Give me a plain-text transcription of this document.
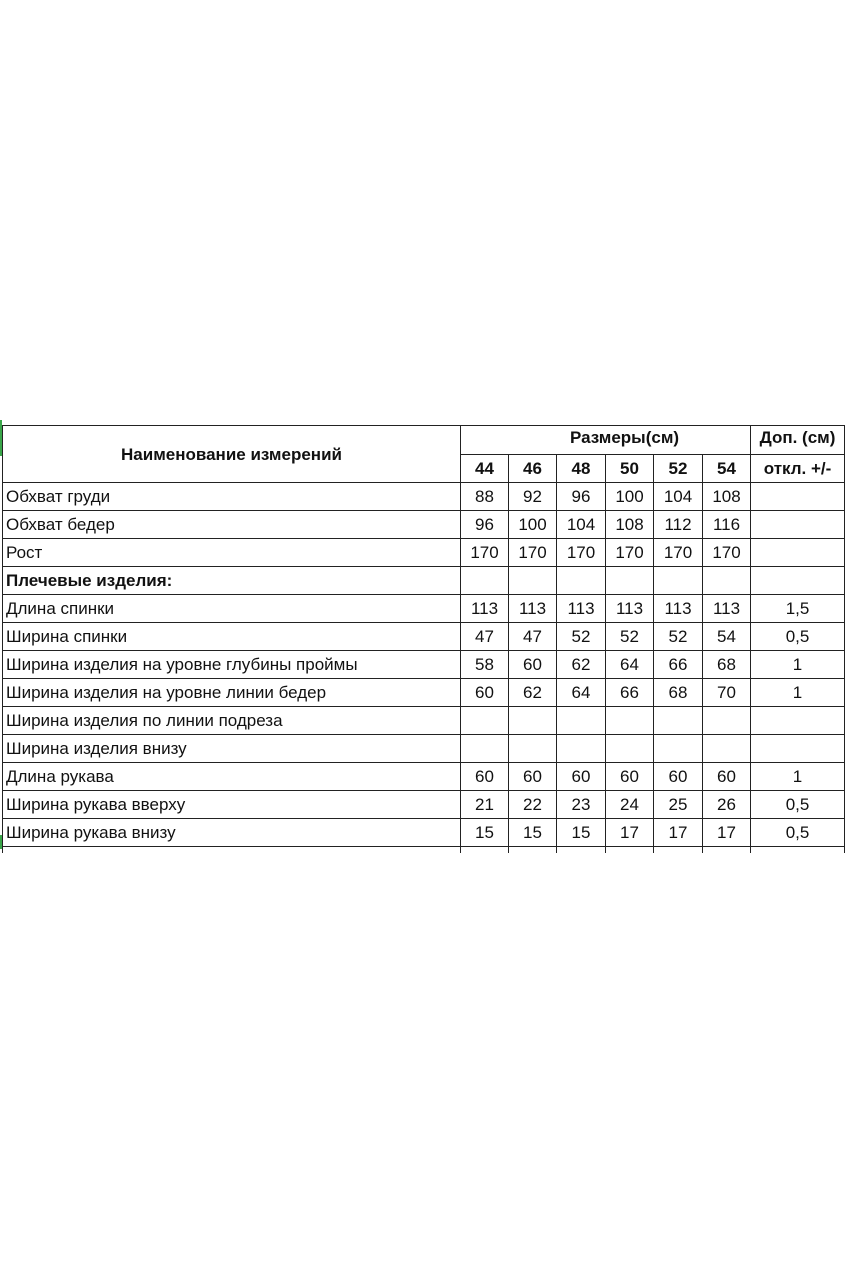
Наименование измерений	Размеры(см)						Доп. (см)
	44	46	48	50	52	54	откл. +/-
Обхват груди	88	92	96	100	104	108	
Обхват бедер	96	100	104	108	112	116	
Рост	170	170	170	170	170	170	
Плечевые изделия:							
Длина спинки	113	113	113	113	113	113	1,5
Ширина спинки	47	47	52	52	52	54	0,5
Ширина изделия на уровне глубины проймы	58	60	62	64	66	68	1
Ширина изделия на уровне линии бедер	60	62	64	66	68	70	1
Ширина изделия по линии подреза							
Ширина изделия внизу							
Длина рукава	60	60	60	60	60	60	1
Ширина рукава вверху	21	22	23	24	25	26	0,5
Ширина рукава внизу	15	15	15	17	17	17	0,5
